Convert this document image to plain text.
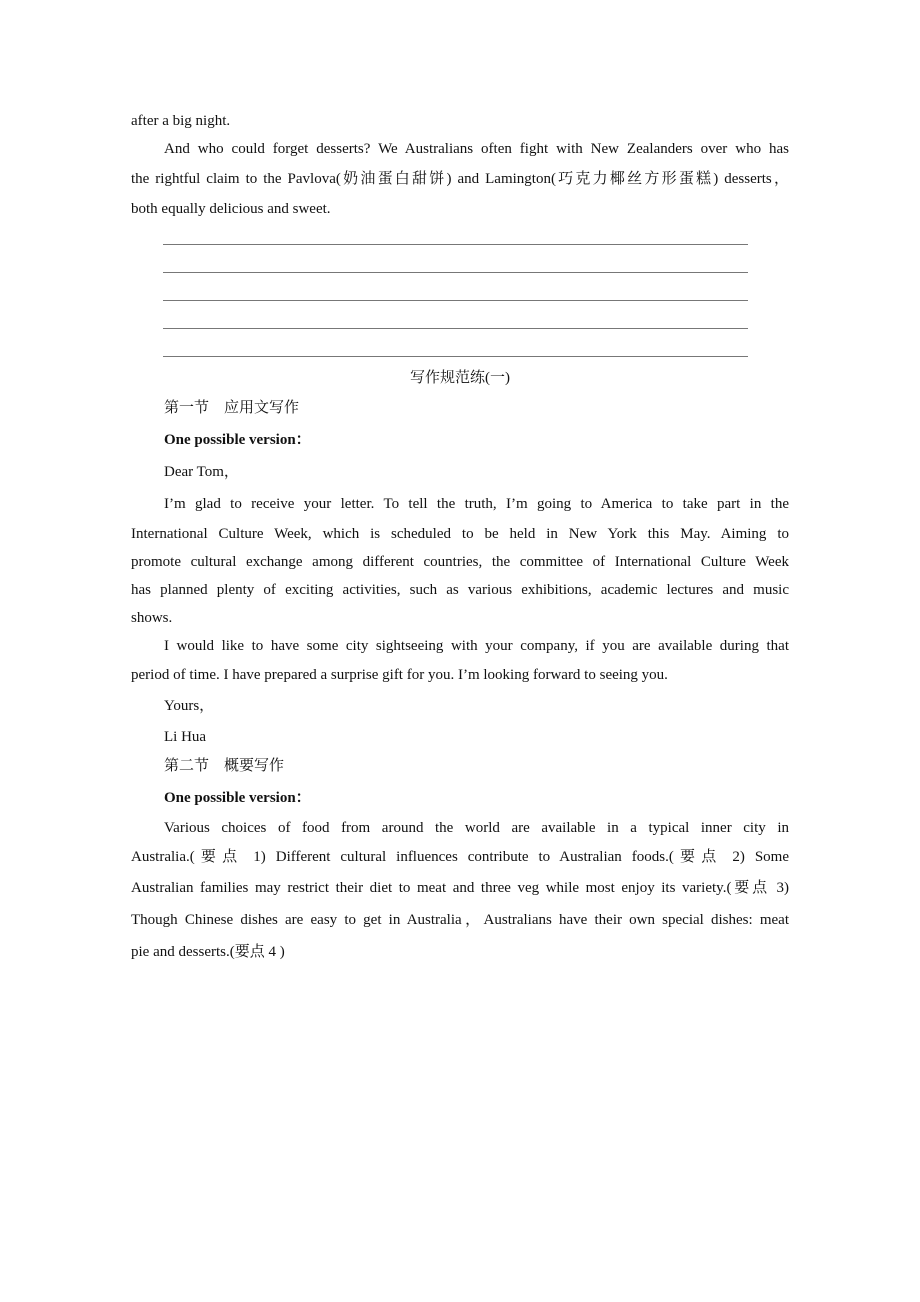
after a big night.
And who could forget desserts? We Australians often fight with New Zealanders over who has
the rightful claim to the Pavlova(奶油蛋白甜饼) and Lamington(巧克力椰丝方形蛋糕) desserts，
both equally delicious and sweet.
写作规范练(一)
第一节　应用文写作
One possible version：
Dear Tom，
I’m glad to receive your letter. To tell the truth, I’m going to America to take part in the
International Culture Week, which is scheduled to be held in New York this May. Aiming to
promote cultural exchange among different countries, the committee of International Culture Week
has planned plenty of exciting activities, such as various exhibitions, academic lectures and music
shows.
I would like to have some city sightseeing with your company, if you are available during that
period of time. I have prepared a surprise gift for you. I’m looking forward to seeing you.
Yours，
Li Hua
第二节　概要写作
One possible version：
Various choices of food from around the world are available in a typical inner city in
Australia.(要点 1) Different cultural influences contribute to Australian foods.(要点 2) Some
Australian families may restrict their diet to meat and three veg while most enjoy its variety.(要点 3)
Though Chinese dishes are easy to get in Australia，Australians have their own special dishes: meat
pie and desserts.(要点 4 )
